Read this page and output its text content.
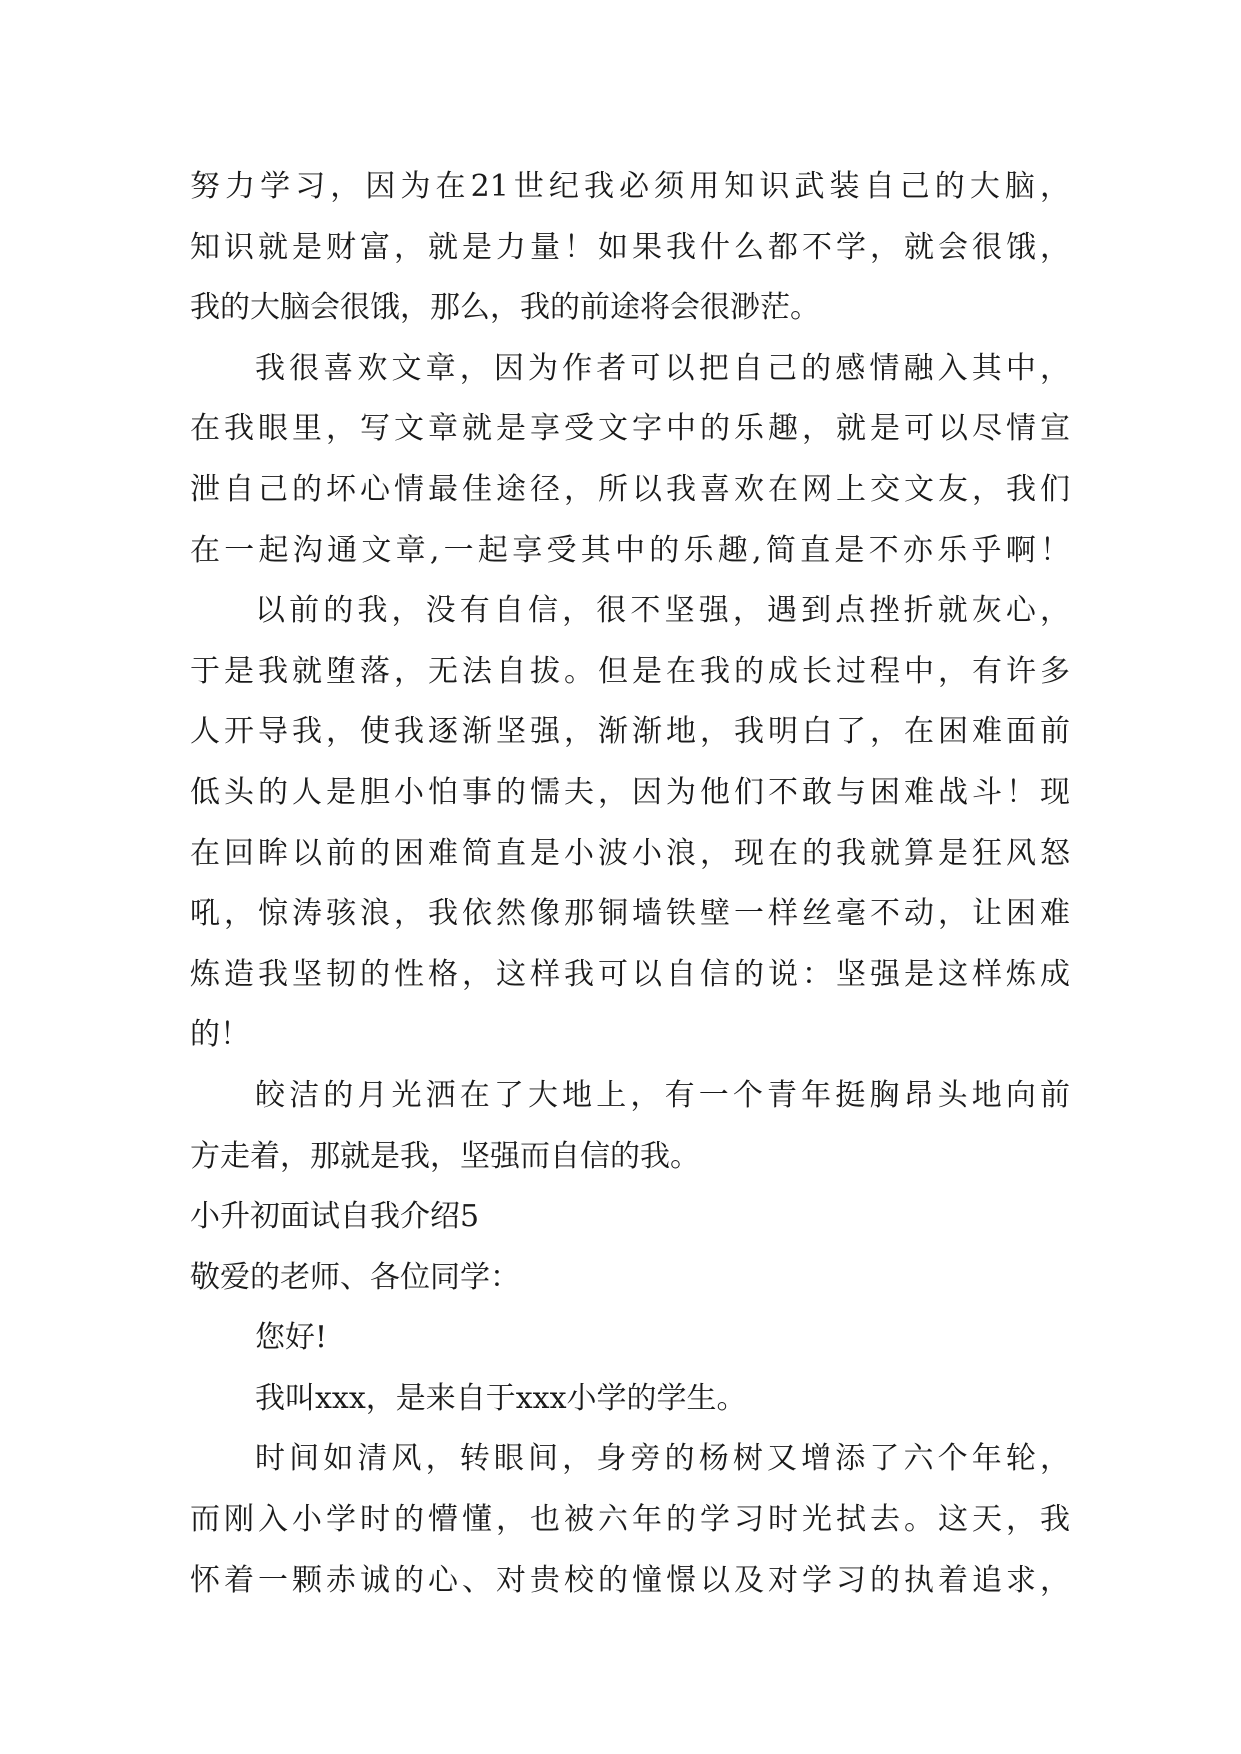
努力学习，因为在21世纪我必须用知识武装自己的大脑，
知识就是财富，就是力量！如果我什么都不学，就会很饿，
我的大脑会很饿，那么，我的前途将会很渺茫。
我很喜欢文章，因为作者可以把自己的感情融入其中，
在我眼里，写文章就是享受文字中的乐趣，就是可以尽情宣
泄自己的坏心情最佳途径，所以我喜欢在网上交文友，我们
在一起沟通文章,一起享受其中的乐趣,简直是不亦乐乎啊！
以前的我，没有自信，很不坚强，遇到点挫折就灰心，
于是我就堕落，无法自拔。但是在我的成长过程中，有许多
人开导我，使我逐渐坚强，渐渐地，我明白了，在困难面前
低头的人是胆小怕事的懦夫，因为他们不敢与困难战斗！现
在回眸以前的困难简直是小波小浪，现在的我就算是狂风怒
吼，惊涛骇浪，我依然像那铜墙铁壁一样丝毫不动，让困难
炼造我坚韧的性格，这样我可以自信的说：坚强是这样炼成
的！
皎洁的月光洒在了大地上，有一个青年挺胸昂头地向前
方走着，那就是我，坚强而自信的我。
小升初面试自我介绍5
敬爱的老师、各位同学：
您好!
我叫xxx，是来自于xxx小学的学生。
时间如清风，转眼间，身旁的杨树又增添了六个年轮，
而刚入小学时的懵懂，也被六年的学习时光拭去。这天，我
怀着一颗赤诚的心、对贵校的憧憬以及对学习的执着追求，
